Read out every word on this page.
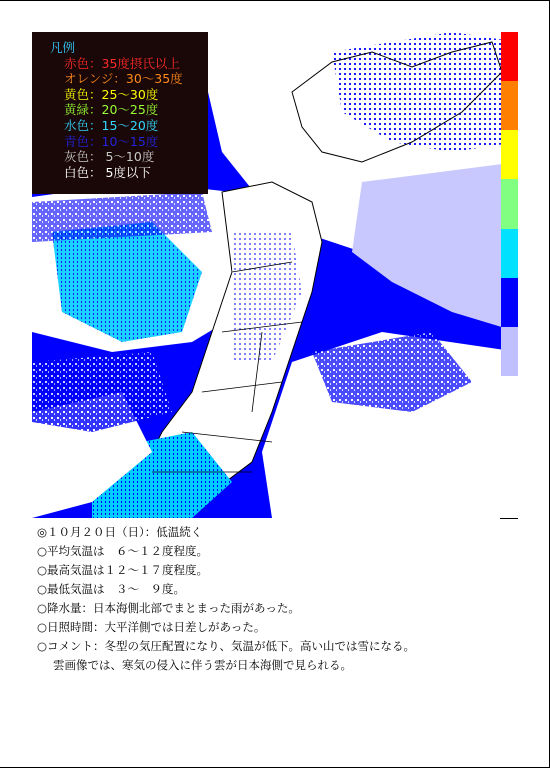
凡例
赤色：35度摂氏以上
オレンジ：30〜35度
黄色：25〜30度
黄緑：20〜25度
水色：15〜20度
青色：10〜15度
灰色： 5〜10度
白色： 5度以下
◎１０月２０日（日）：低温続く
○平均気温は　６〜１２度程度。
○最高気温は１２〜１７度程度。
○最低気温は　３〜　９度。
○降水量：日本海側北部でまとまった雨があった。
○日照時間：大平洋側では日差しがあった。
○コメント：冬型の気圧配置になり、気温が低下。高い山では雪になる。
雲画像では、寒気の侵入に伴う雲が日本海側で見られる。
